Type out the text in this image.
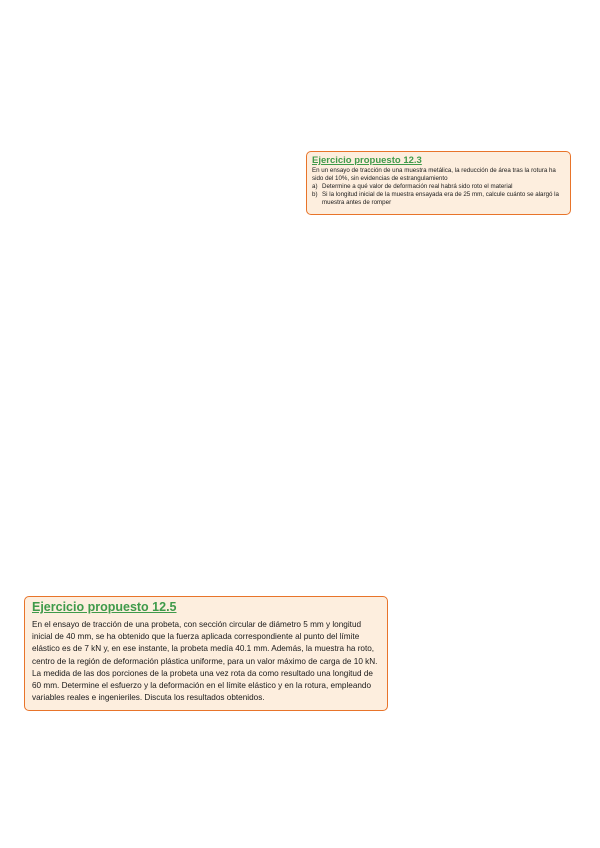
Ejercicio propuesto 12.3

En un ensayo de tracción de una muestra metálica, la reducción de área tras la rotura ha sido del 10%, sin evidencias de estrangulamiento

a) Determine a qué valor de deformación real habrá sido roto el material
b) Si la longitud inicial de la muestra ensayada era de 25 mm, calcule cuánto se alargó la muestra antes de romper

Ejercicio propuesto 12.5

En el ensayo de tracción de una probeta, con sección circular de diámetro 5 mm y longitud inicial de 40 mm, se ha obtenido que la fuerza aplicada correspondiente al punto del límite elástico es de 7 kN y, en ese instante, la probeta medía 40.1 mm. Además, la muestra ha roto, centro de la región de deformación plástica uniforme, para un valor máximo de carga de 10 kN. La medida de las dos porciones de la probeta una vez rota da como resultado una longitud de 60 mm. Determine el esfuerzo y la deformación en el límite elástico y en la rotura, empleando variables reales e ingenieriles. Discuta los resultados obtenidos.
